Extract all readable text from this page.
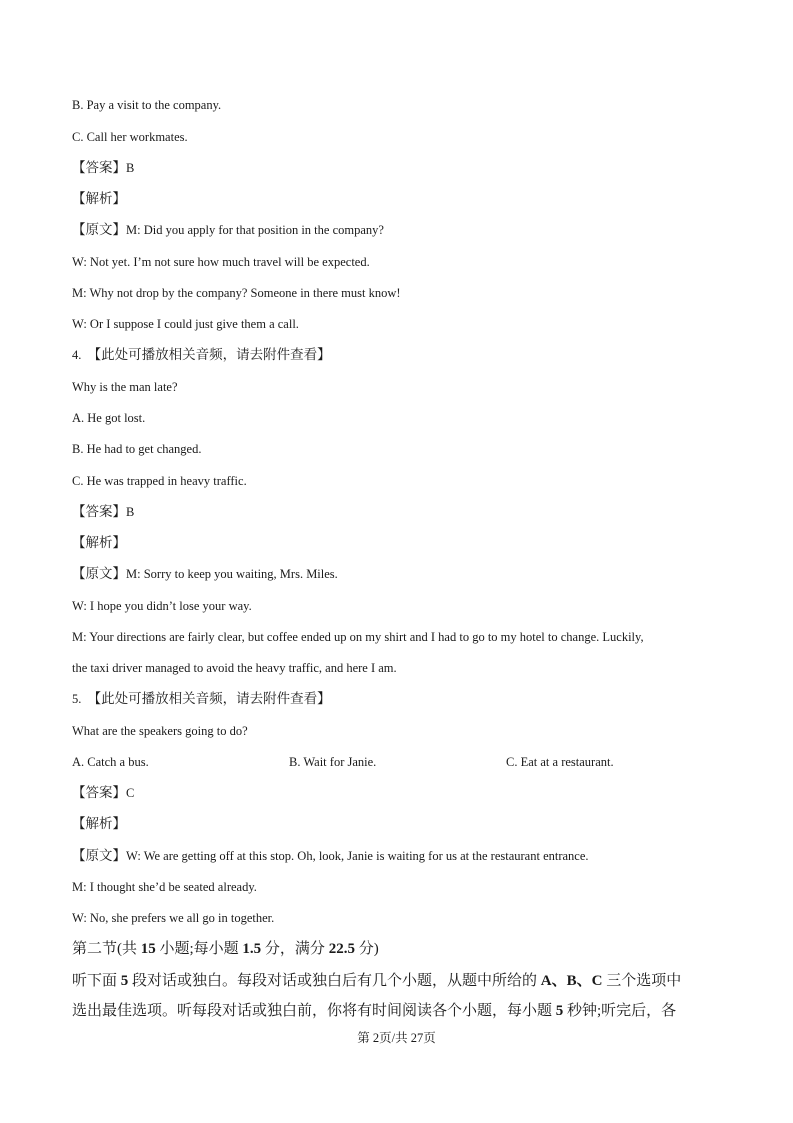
B. Pay a visit to the company.
C. Call her workmates.
【答案】B
【解析】
【原文】M: Did you apply for that position in the company?
W: Not yet. I’m not sure how much travel will be expected.
M: Why not drop by the company? Someone in there must know!
W: Or I suppose I could just give them a call.
4. 【此处可播放相关音频，请去附件查看】
Why is the man late?
A. He got lost.
B. He had to get changed.
C. He was trapped in heavy traffic.
【答案】B
【解析】
【原文】M: Sorry to keep you waiting, Mrs. Miles.
W: I hope you didn’t lose your way.
M: Your directions are fairly clear, but coffee ended up on my shirt and I had to go to my hotel to change. Luckily,
the taxi driver managed to avoid the heavy traffic, and here I am.
5. 【此处可播放相关音频，请去附件查看】
What are the speakers going to do?
A. Catch a bus.	B. Wait for Janie.	C. Eat at a restaurant.
【答案】C
【解析】
【原文】W: We are getting off at this stop. Oh, look, Janie is waiting for us at the restaurant entrance.
M: I thought she’d be seated already.
W: No, she prefers we all go in together.
第二节(共 15 小题;每小题 1.5 分，满分 22.5 分)
听下面 5 段对话或独白。每段对话或独白后有几个小题，从题中所给的 A、B、C 三个选项中
选出最佳选项。听每段对话或独白前，你将有时间阅读各个小题，每小题 5 秒钟;听完后，各
第 2页/共 27页
